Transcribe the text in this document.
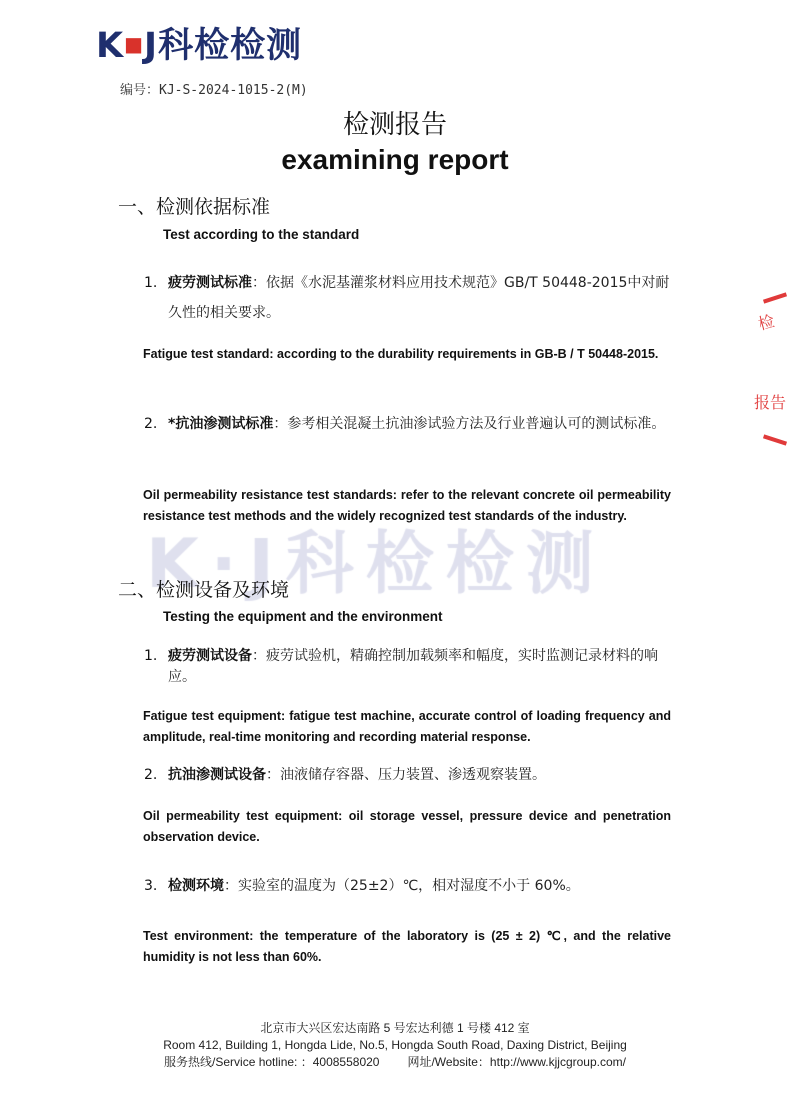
K■J科检检测
编号：KJ-S-2024-1015-2(M)
检测报告
examining report
检
报告
一、检测依据标准
Test according to the standard
1. 疲劳测试标准：依据《水泥基灌浆材料应用技术规范》GB/T 50448-2015中对耐久性的相关要求。
Fatigue test standard: according to the durability requirements in GB-B / T 50448-2015.
2. *抗油渗测试标准：参考相关混凝土抗油渗试验方法及行业普遍认可的测试标准。
Oil permeability resistance test standards: refer to the relevant concrete oil permeability resistance test methods and the widely recognized test standards of the industry.
二、检测设备及环境
Testing the equipment and the environment
1. 疲劳测试设备：疲劳试验机，精确控制加载频率和幅度，实时监测记录材料的响应。
Fatigue test equipment: fatigue test machine, accurate control of loading frequency and amplitude, real-time monitoring and recording material response.
2. 抗油渗测试设备：油液储存容器、压力装置、渗透观察装置。
Oil permeability test equipment: oil storage vessel, pressure device and penetration observation device.
3. 检测环境：实验室的温度为（25±2）℃，相对湿度不小于 60%。
Test environment: the temperature of the laboratory is (25 ± 2) ℃, and the relative humidity is not less than 60%.
北京市大兴区宏达南路 5 号宏达利德 1 号楼 412 室
Room 412, Building 1, Hongda Lide, No.5, Hongda South Road, Daxing District, Beijing
服务热线/Service hotline: ：4008558020 网址/Website：http://www.kjjcgroup.com/
